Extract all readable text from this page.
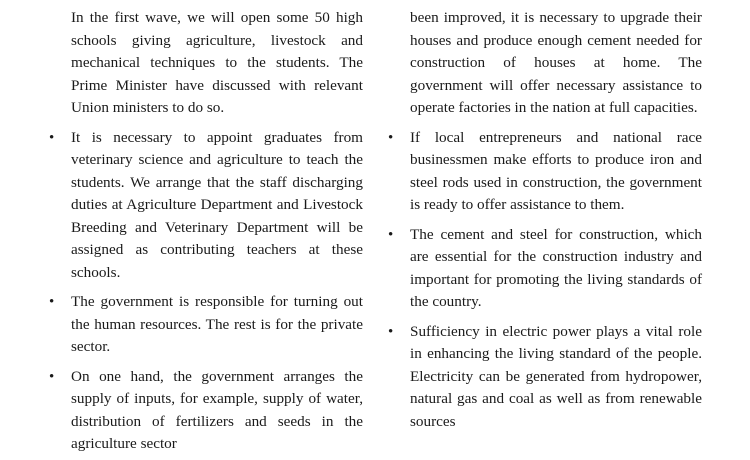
In the first wave, we will open some 50 high schools giving agriculture, livestock and mechanical techniques to the students. The Prime Minister have discussed with relevant Union ministers to do so.

• It is necessary to appoint graduates from veterinary science and agriculture to teach the students. We arrange that the staff discharging duties at Agriculture Department and Livestock Breeding and Veterinary Department will be assigned as contributing teachers at these schools.

• The government is responsible for turning out the human resources. The rest is for the private sector.

• On one hand, the government arranges the supply of inputs, for example, supply of water, distribution of fertilizers and seeds in the agriculture sector

been improved, it is necessary to upgrade their houses and produce enough cement needed for construction of houses at home. The government will offer necessary assistance to operate factories in the nation at full capacities.

• If local entrepreneurs and national race businessmen make efforts to produce iron and steel rods used in construction, the government is ready to offer assistance to them.

• The cement and steel for construction, which are essential for the construction industry and important for promoting the living standards of the country.

• Sufficiency in electric power plays a vital role in enhancing the living standard of the people. Electricity can be generated from hydropower, natural gas and coal as well as from renewable sources
